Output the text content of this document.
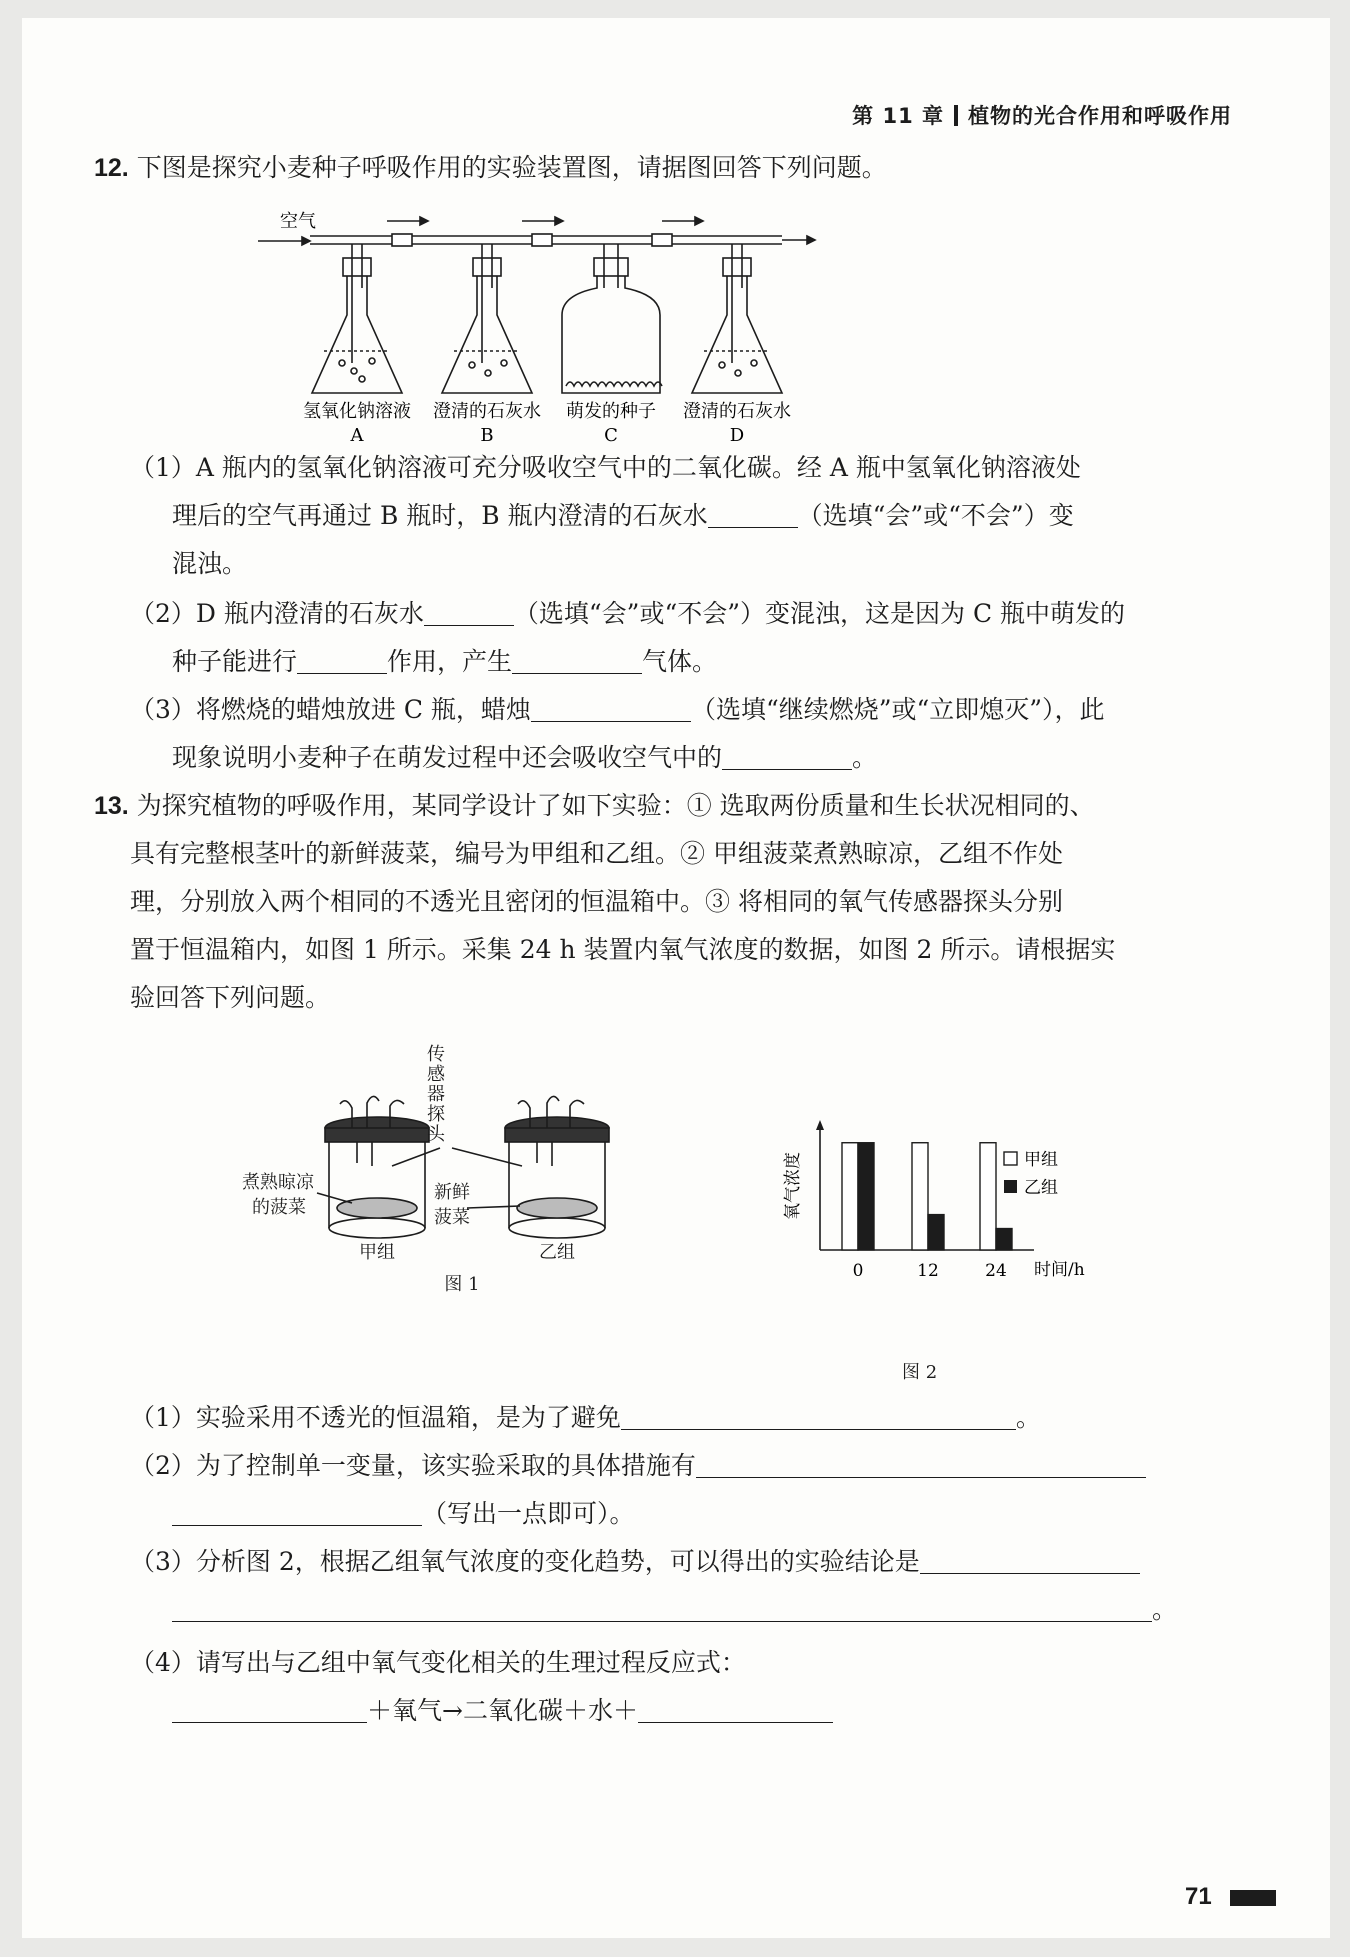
第 11 章 植物的光合作用和呼吸作用
12. 下图是探究小麦种子呼吸作用的实验装置图，请据图回答下列问题。
空气
氢氧化钠溶液 澄清的石灰水 萌发的种子 澄清的石灰水
A	B	C	D
（1）A 瓶内的氢氧化钠溶液可充分吸收空气中的二氧化碳。经 A 瓶中氢氧化钠溶液处
理后的空气再通过 B 瓶时，B 瓶内澄清的石灰水	（选填“会”或“不会”）变
混浊。
（2）D 瓶内澄清的石灰水	（选填“会”或“不会”）变混浊，这是因为 C 瓶中萌发的
种子能进行	作用，产生	气体。
（3）将燃烧的蜡烛放进 C 瓶，蜡烛	（选填“继续燃烧”或“立即熄灭”），此
现象说明小麦种子在萌发过程中还会吸收空气中的	。
13. 为探究植物的呼吸作用，某同学设计了如下实验：① 选取两份质量和生长状况相同的、
具有完整根茎叶的新鲜菠菜，编号为甲组和乙组。② 甲组菠菜煮熟晾凉，乙组不作处
理，分别放入两个相同的不透光且密闭的恒温箱中。③ 将相同的氧气传感器探头分别
置于恒温箱内，如图 1 所示。采集 24 h 装置内氧气浓度的数据，如图 2 所示。请根据实
验回答下列问题。
传
感
器
探
头
煮熟晾凉
的菠菜
新鲜
菠菜
甲组	乙组
图 1
氧气浓度
时间/h
0	12	24
甲组
乙组
图 2
（1）实验采用不透光的恒温箱，是为了避免	。
（2）为了控制单一变量，该实验采取的具体措施有
（写出一点即可）。
（3）分析图 2，根据乙组氧气浓度的变化趋势，可以得出的实验结论是
。
（4）请写出与乙组中氧气变化相关的生理过程反应式：
＋氧气→二氧化碳＋水＋
71
